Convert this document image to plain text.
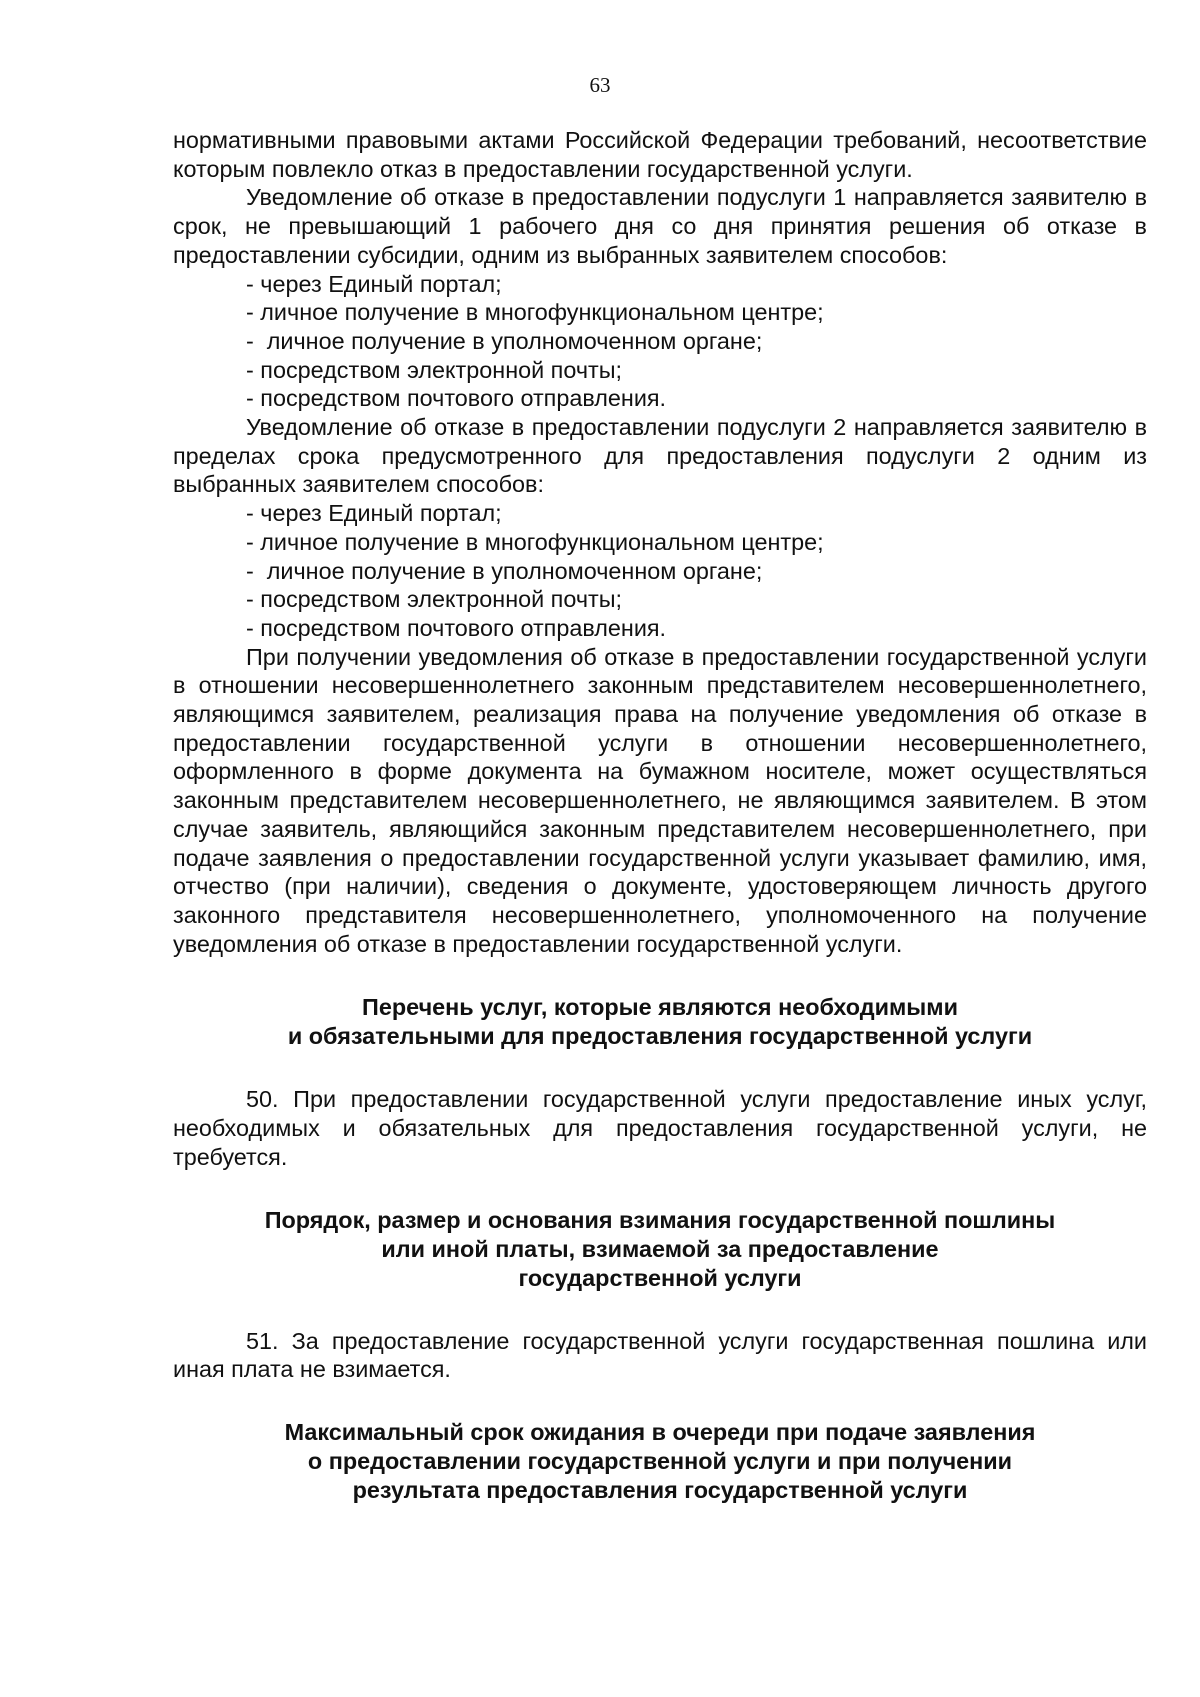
63

нормативными правовыми актами Российской Федерации требований, несоответствие которым повлекло отказ в предоставлении государственной услуги.

Уведомление об отказе в предоставлении подуслуги 1 направляется заявителю в срок, не превышающий 1 рабочего дня со дня принятия решения об отказе в предоставлении субсидии, одним из выбранных заявителем способов:

- через Единый портал;

- личное получение в многофункциональном центре;

-  личное получение в уполномоченном органе;

- посредством электронной почты;

- посредством почтового отправления.

Уведомление об отказе в предоставлении подуслуги 2 направляется заявителю в пределах срока предусмотренного для предоставления подуслуги 2 одним из выбранных заявителем способов:

- через Единый портал;

- личное получение в многофункциональном центре;

-  личное получение в уполномоченном органе;

- посредством электронной почты;

- посредством почтового отправления.

При получении уведомления об отказе в предоставлении государственной услуги в отношении несовершеннолетнего законным представителем несовершеннолетнего, являющимся заявителем, реализация права на получение уведомления об отказе в предоставлении государственной услуги в отношении несовершеннолетнего, оформленного в форме документа на бумажном носителе, может осуществляться законным представителем несовершеннолетнего, не являющимся заявителем. В этом случае заявитель, являющийся законным представителем несовершеннолетнего, при подаче заявления о предоставлении государственной услуги указывает фамилию, имя, отчество (при наличии), сведения о документе, удостоверяющем личность другого законного представителя несовершеннолетнего, уполномоченного на получение уведомления об отказе в предоставлении государственной услуги.

Перечень услуг, которые являются необходимыми
и обязательными для предоставления государственной услуги

50. При предоставлении государственной услуги предоставление иных услуг, необходимых и обязательных для предоставления государственной услуги, не требуется.

Порядок, размер и основания взимания государственной пошлины
или иной платы, взимаемой за предоставление
государственной услуги

51. За предоставление государственной услуги государственная пошлина или иная плата не взимается.

Максимальный срок ожидания в очереди при подаче заявления
о предоставлении государственной услуги и при получении
результата предоставления государственной услуги
